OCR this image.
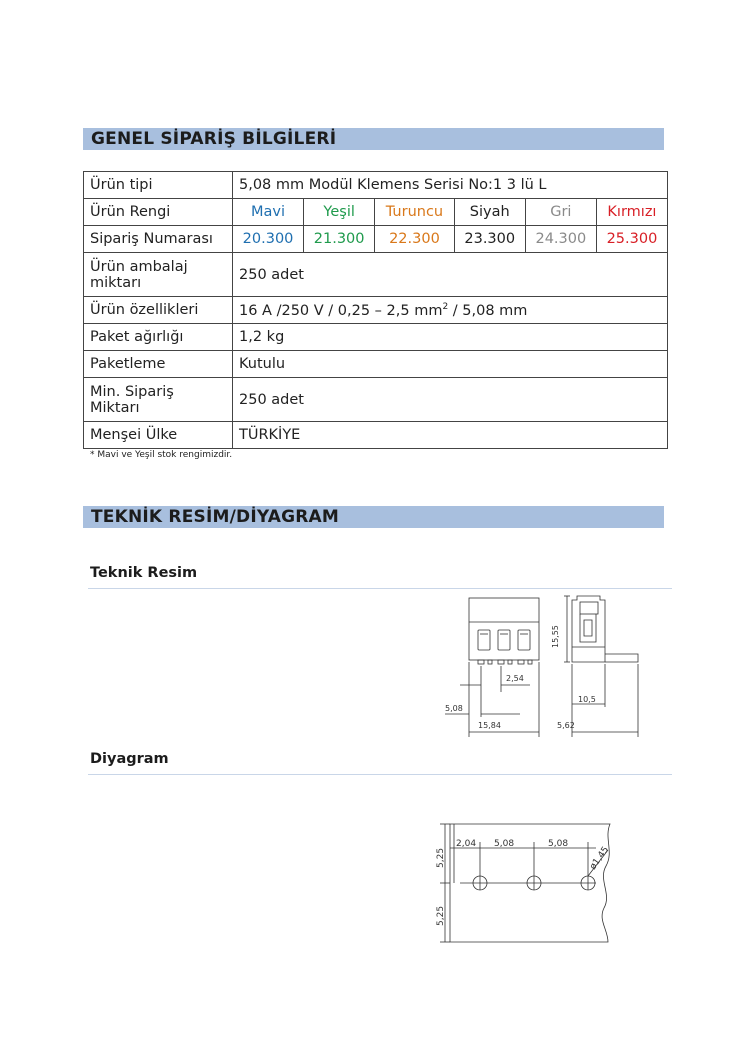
GENEL SİPARİŞ BİLGİLERİ
Ürün tipi	5,08 mm Modül Klemens Serisi No:1 3 lü L					
Ürün Rengi	Mavi	Yeşil	Turuncu	Siyah	Gri	Kırmızı
Sipariş Numarası	20.300	21.300	22.300	23.300	24.300	25.300

Ürün ambalaj
miktarı	250 adet					
Ürün özellikleri	16 A /250 V / 0,25 – 2,5 $mm^2 / 5,08$ mm					
Paket ağırlığı	1,2 kg					
Paketleme	Kutulu					

Min. Sipariş
Miktarı	250 adet					
Menşei Ülke	TÜRKİYE					
* Mavi ve Yeşil stok rengimizdir.
TEKNİK RESİM/DİYAGRAM
Teknik Resim
2,54
5,08
15,84
15,55
10,5
5,62
Diyagram
2,04 5,08	5,08
5,25
5,25
ø1,45
